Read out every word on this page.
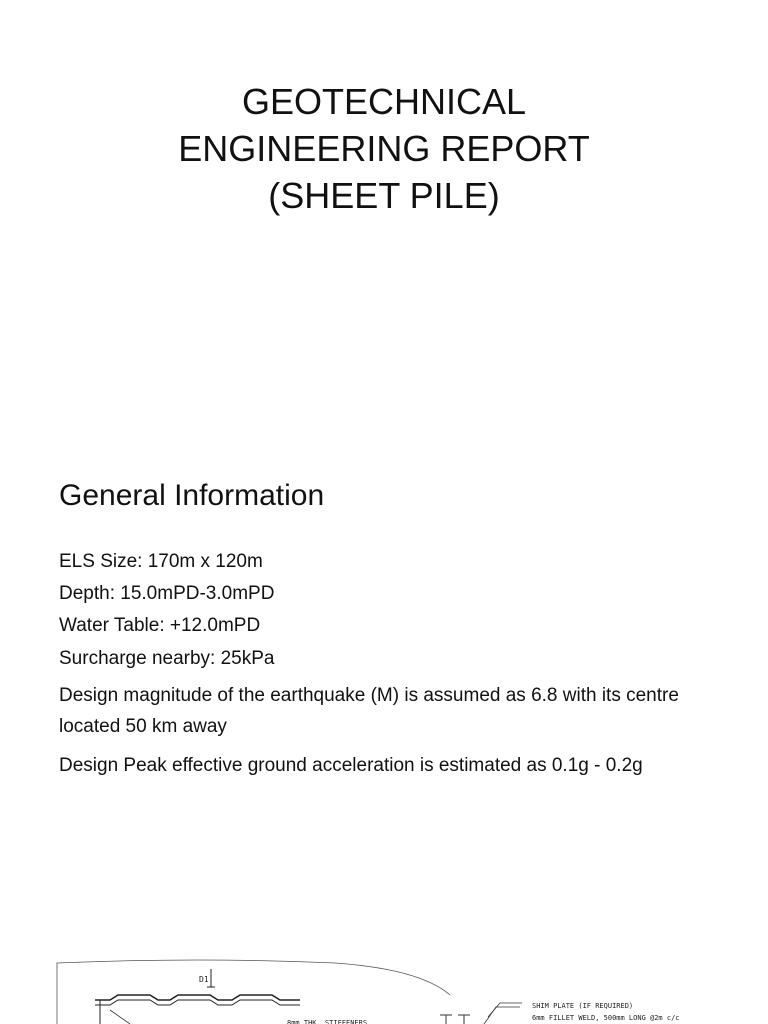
GEOTECHNICAL
ENGINEERING REPORT
(SHEET PILE)
General Information

ELS Size: 170m x 120m

Depth: 15.0mPD-3.0mPD

Water Table: +12.0mPD

Surcharge nearby: 25kPa

Design magnitude of the earthquake (M) is assumed as 6.8 with its centre located 50 km away

Design Peak effective ground acceleration is estimated as 0.1g - 0.2g

D1
SHIM PLATE (IF REQUIRED)
6mm FILLET WELD, 500mm LONG @2m c/c
8mm THK. STIFFENERS
